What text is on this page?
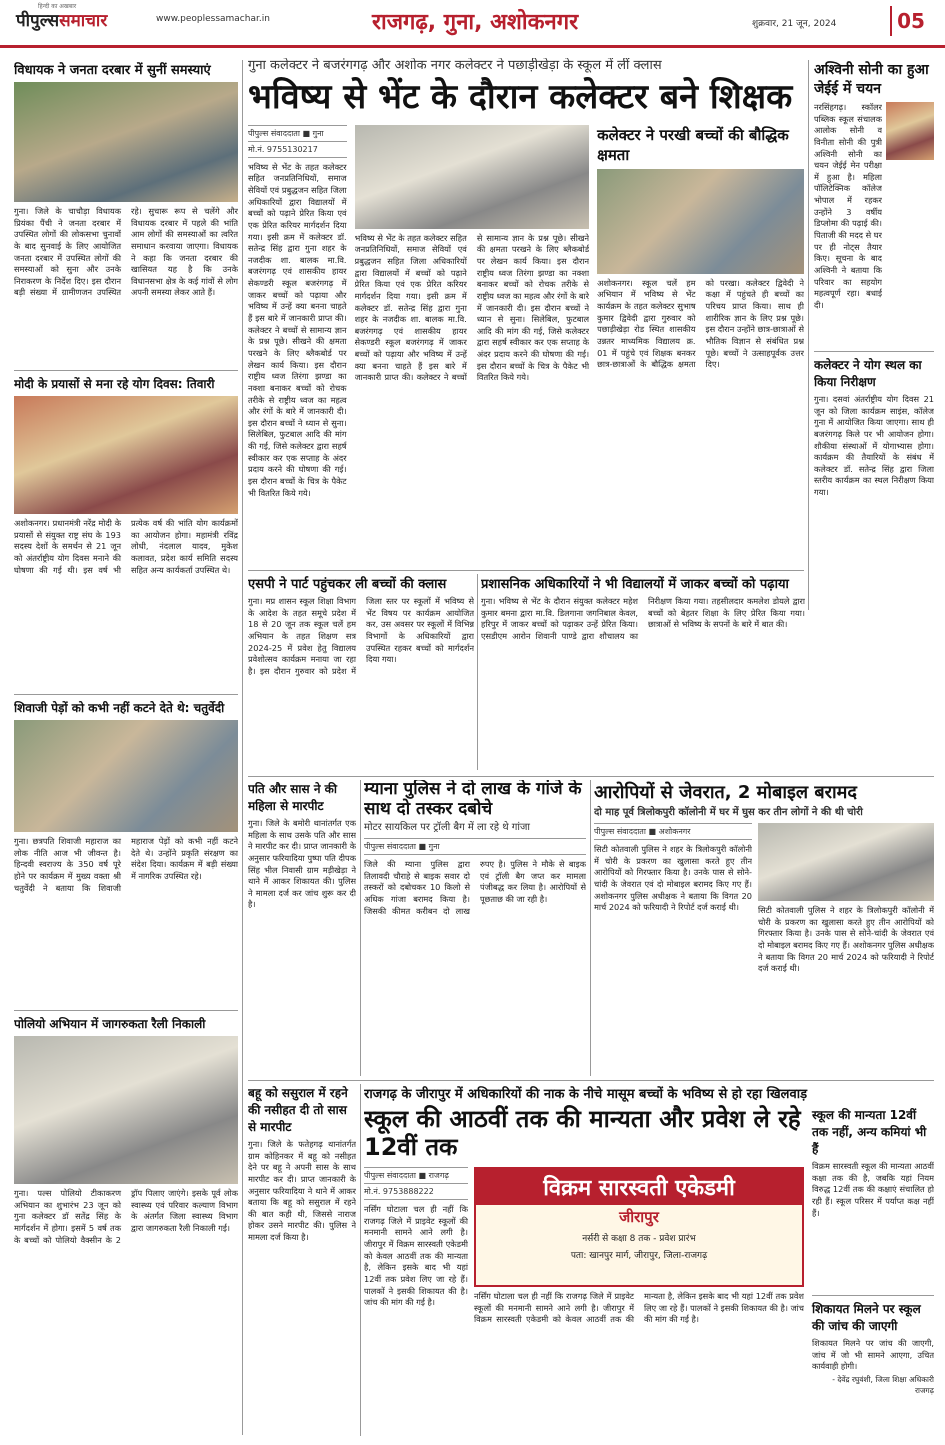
हिन्दी का अखबार
पीपुल्ससमाचार	www.peoplessamachar.in	राजगढ़, गुना, अशोकनगर	शुक्रवार, 21 जून, 2024	05
विधायक ने जनता दरबार में सुनीं समस्याएं
गुना। जिले के चाचौड़ा विधायक प्रियंका पैंची ने जनता दरबार में उपस्थित लोगों की लोकसभा चुनावों के बाद सुनवाई के लिए आयोजित जनता दरबार में उपस्थित लोगों की समस्याओं को सुना और उनके निराकरण के निर्देश दिए। इस दौरान बड़ी संख्या में ग्रामीणजन उपस्थित रहे। सुचारू रूप से चलेंगे और विधायक दरबार में पहले की भांति आम लोगों की समस्याओं का त्वरित समाधान करवाया जाएगा। विधायक ने कहा कि जनता दरबार की खासियत यह है कि उनके विधानसभा क्षेत्र के कई गांवों से लोग अपनी समस्या लेकर आते हैं।
मोदी के प्रयासों से मना रहे योग दिवस: तिवारी
अशोकनगर। प्रधानमंत्री नरेंद्र मोदी के प्रयासों से संयुक्त राष्ट्र संघ के 193 सदस्य देशों के समर्थन से 21 जून को अंतर्राष्ट्रीय योग दिवस मनाने की घोषणा की गई थी। इस वर्ष भी प्रत्येक वर्ष की भांति योग कार्यक्रमों का आयोजन होगा। महामंत्री रविंद्र लोधी, नंदलाल यादव, मुकेश कलावत, प्रदेश कार्य समिति सदस्य सहित अन्य कार्यकर्ता उपस्थित थे।
शिवाजी पेड़ों को कभी नहीं कटने देते थे: चतुर्वेदी
गुना। छत्रपति शिवाजी महाराज का लोक नीति आज भी जीवन्त है। हिन्दवी स्वराज्य के 350 वर्ष पूरे होने पर कार्यक्रम में मुख्य वक्ता श्री चतुर्वेदी ने बताया कि शिवाजी महाराज पेड़ों को कभी नहीं कटने देते थे। उन्होंने प्रकृति संरक्षण का संदेश दिया। कार्यक्रम में बड़ी संख्या में नागरिक उपस्थित रहे।
पोलियो अभियान में जागरुकता रैली निकाली
गुना। पल्स पोलियो टीकाकरण अभियान का शुभारंभ 23 जून को गुना कलेक्टर डॉ सतेंद्र सिंह के मार्गदर्शन में होगा। इसमें 5 वर्ष तक के बच्चों को पोलियो वैक्सीन के 2 ड्रॉप पिलाए जाएंगे। इसके पूर्व लोक स्वास्थ्य एवं परिवार कल्याण विभाग के अंतर्गत जिला स्वास्थ्य विभाग द्वारा जागरुकता रैली निकाली गई।
गुना कलेक्टर ने बजरंगगढ़ और अशोक नगर कलेक्टर ने पछाड़ीखेड़ा के स्कूल में लीं क्लास
भविष्य से भेंट के दौरान कलेक्टर बने शिक्षक
पीपुल्स संवाददाता ■ गुना
मो.नं. 9755130217
भविष्य से भेंट के तहत कलेक्टर सहित जनप्रतिनिधियों, समाज सेवियों एवं प्रबुद्धजन सहित जिला अधिकारियों द्वारा विद्यालयों में बच्चों को पढ़ाने प्रेरित किया एवं एक प्रेरित करियर मार्गदर्शन दिया गया। इसी क्रम में कलेक्टर डॉ. सतेन्द्र सिंह द्वारा गुना शहर के नजदीक शा. बालक मा.वि. बजरंगगढ़ एवं शासकीय हायर सेकण्डरी स्कूल बजरंगगढ़ में जाकर बच्चों को पढ़ाया और भविष्य में उन्हें क्या बनना चाहते हैं इस बारे में जानकारी प्राप्त की। कलेक्टर ने बच्चों से सामान्य ज्ञान के प्रश्न पूछे। सीखने की क्षमता परखने के लिए ब्लैकबोर्ड पर लेखन कार्य किया। इस दौरान राष्ट्रीय ध्वज तिरंगा झण्डा का नक्शा बनाकर बच्चों को रोचक तरीके से राष्ट्रीय ध्वज का महत्व और रंगों के बारे में जानकारी दी। इस दौरान बच्चों ने ध्यान से सुना। सिलेबिल, फुटबाल आदि की मांग की गई, जिसे कलेक्टर द्वारा सहर्ष स्वीकार कर एक सप्ताह के अंदर प्रदाय करने की घोषणा की गई। इस दौरान बच्चों के चित्र के पैकेट भी वितरित किये गये।
भविष्य से भेंट के तहत कलेक्टर सहित जनप्रतिनिधियों, समाज सेवियों एवं प्रबुद्धजन सहित जिला अधिकारियों द्वारा विद्यालयों में बच्चों को पढ़ाने प्रेरित किया एवं एक प्रेरित करियर मार्गदर्शन दिया गया। इसी क्रम में कलेक्टर डॉ. सतेन्द्र सिंह द्वारा गुना शहर के नजदीक शा. बालक मा.वि. बजरंगगढ़ एवं शासकीय हायर सेकण्डरी स्कूल बजरंगगढ़ में जाकर बच्चों को पढ़ाया और भविष्य में उन्हें क्या बनना चाहते हैं इस बारे में जानकारी प्राप्त की। कलेक्टर ने बच्चों से सामान्य ज्ञान के प्रश्न पूछे। सीखने की क्षमता परखने के लिए ब्लैकबोर्ड पर लेखन कार्य किया। इस दौरान राष्ट्रीय ध्वज तिरंगा झण्डा का नक्शा बनाकर बच्चों को रोचक तरीके से राष्ट्रीय ध्वज का महत्व और रंगों के बारे में जानकारी दी। इस दौरान बच्चों ने ध्यान से सुना। सिलेबिल, फुटबाल आदि की मांग की गई, जिसे कलेक्टर द्वारा सहर्ष स्वीकार कर एक सप्ताह के अंदर प्रदाय करने की घोषणा की गई। इस दौरान बच्चों के चित्र के पैकेट भी वितरित किये गये।
कलेक्टर ने परखी बच्चों की बौद्धिक क्षमता
अशोकनगर। स्कूल चलें हम अभियान में भविष्य से भेंट कार्यक्रम के तहत कलेक्टर सुभाष कुमार द्विवेदी द्वारा गुरुवार को पछाड़ीखेड़ा रोड स्थित शासकीय उन्नतर माध्यमिक विद्यालय क्र. 01 में पहुंचे एवं शिक्षक बनकर छात्र-छात्राओं के बौद्धिक क्षमता को परखा। कलेक्टर द्विवेदी ने कक्षा में पहुंचते ही बच्चों का परिचय प्राप्त किया। साथ ही शारीरिक ज्ञान के लिए प्रश्न पूछे। इस दौरान उन्होंने छात्र-छात्राओं से भौतिक विज्ञान से संबंधित प्रश्न पूछे। बच्चों ने उत्साहपूर्वक उत्तर दिए।
अश्विनी सोनी का हुआ जेईई में चयन
नरसिंहगढ़। स्कॉलर पब्लिक स्कूल संचालक आलोक सोनी व विनीता सोनी की पुत्री अश्विनी सोनी का चयन जेईई मेन परीक्षा में हुआ है। महिला पॉलिटेक्निक कॉलेज भोपाल में रहकर उन्होंने 3 वर्षीय डिप्लोमा की पढ़ाई की। पिताजी की मदद से घर पर ही नोट्स तैयार किए। सूचना के बाद अश्विनी ने बताया कि परिवार का सहयोग महत्वपूर्ण रहा। बधाई दी।
कलेक्टर ने योग स्थल का किया निरीक्षण
गुना। दसवां अंतर्राष्ट्रीय योग दिवस 21 जून को जिला कार्यक्रम साइंस, कॉलेज गुना में आयोजित किया जाएगा। साथ ही बजरंगगढ़ किले पर भी आयोजन होगा। शौकीया संस्थाओं में योगाभ्यास होगा। कार्यक्रम की तैयारियों के संबंध में कलेक्टर डॉ. सतेन्द्र सिंह द्वारा जिला स्तरीय कार्यक्रम का स्थल निरीक्षण किया गया।
एसपी ने पार्ट पहुंचकर ली बच्चों की क्लास
गुना। मप्र शासन स्कूल शिक्षा विभाग के आदेश के तहत समूचे प्रदेश में 18 से 20 जून तक स्कूल चलें हम अभियान के तहत शिक्षण सत्र 2024-25 में प्रवेश हेतु विद्यालय प्रवेशोत्सव कार्यक्रम मनाया जा रहा है। इस दौरान गुरुवार को प्रदेश में जिला स्तर पर स्कूलों में भविष्य से भेंट विषय पर कार्यक्रम आयोजित कर, उस अवसर पर स्कूलों में विभिन्न विभागों के अधिकारियों द्वारा उपस्थित रहकर बच्चों को मार्गदर्शन दिया गया।
प्रशासनिक अधिकारियों ने भी विद्यालयों में जाकर बच्चों को पढ़ाया
गुना। भविष्य से भेंट के दौरान संयुक्त कलेक्टर महेश कुमार बमना द्वारा मा.वि. डिलगाना जगनिबाल केवल, हरिपुर में जाकर बच्चों को पढ़ाकर उन्हें प्रेरित किया। एसडीएम आरोन शिवानी पाण्डे द्वारा शौचालय का निरीक्षण किया गया। तहसीलदार कमलेश डोयले द्वारा बच्चों को बेहतर शिक्षा के लिए प्रेरित किया गया। छात्राओं से भविष्य के सपनों के बारे में बात की।
पति और सास ने की महिला से मारपीट
गुना। जिले के बमोरी थानांतर्गत एक महिला के साथ उसके पति और सास ने मारपीट कर दी। प्राप्त जानकारी के अनुसार फरियादिया पुष्पा पति दीपक सिंह भील निवासी ग्राम मड़ीखेड़ा ने थाने में आकर शिकायत की। पुलिस ने मामला दर्ज कर जांच शुरू कर दी है।
म्याना पुलिस ने दो लाख के गांजे के साथ दो तस्कर दबोचे
मोटर सायकिल पर ट्रॉली बैग में ला रहे थे गांजा
पीपुल्स संवाददाता ■ गुना
जिले की म्याना पुलिस द्वारा तिलावदी चौराहे से बाइक सवार दो तस्करों को दबोचकर 10 किलो से अधिक गांजा बरामद किया है। जिसकी कीमत करीबन दो लाख रुपए है। पुलिस ने मौके से बाइक एवं ट्रॉली बैग जप्त कर मामला पंजीबद्ध कर लिया है। आरोपियों से पूछताछ की जा रही है।
आरोपियों से जेवरात, 2 मोबाइल बरामद
दो माह पूर्व त्रिलोकपुरी कॉलोनी में घर में घुस कर तीन लोगों ने की थी चोरी
पीपुल्स संवाददाता ■ अशोकनगर
सिटी कोतवाली पुलिस ने शहर के त्रिलोकपुरी कॉलोनी में चोरी के प्रकरण का खुलासा करते हुए तीन आरोपियों को गिरफ्तार किया है। उनके पास से सोने-चांदी के जेवरात एवं दो मोबाइल बरामद किए गए हैं। अशोकनगर पुलिस अधीक्षक ने बताया कि विगत 20 मार्च 2024 को फरियादी ने रिपोर्ट दर्ज कराई थी।	सिटी कोतवाली पुलिस ने शहर के त्रिलोकपुरी कॉलोनी में चोरी के प्रकरण का खुलासा करते हुए तीन आरोपियों को गिरफ्तार किया है। उनके पास से सोने-चांदी के जेवरात एवं दो मोबाइल बरामद किए गए हैं। अशोकनगर पुलिस अधीक्षक ने बताया कि विगत 20 मार्च 2024 को फरियादी ने रिपोर्ट दर्ज कराई थी।
बहू को ससुराल में रहने की नसीहत दी तो सास से मारपीट
गुना। जिले के फतेहगढ़ थानांतर्गत ग्राम कोहिनकर में बहू को नसीहत देने पर बहू ने अपनी सास के साथ मारपीट कर दी। प्राप्त जानकारी के अनुसार फरियादिया ने थाने में आकर बताया कि बहू को ससुराल में रहने की बात कही थी, जिससे नाराज होकर उसने मारपीट की। पुलिस ने मामला दर्ज किया है।
राजगढ़ के जीरापुर में अधिकारियों की नाक के नीचे मासूम बच्चों के भविष्य से हो रहा खिलवाड़
स्कूल की आठवीं तक की मान्यता और प्रवेश ले रहे 12वीं तक
पीपुल्स संवाददाता ■ राजगढ़
मो.नं. 9753888222
नर्सिंग घोटाला चल ही नहीं कि राजगढ़ जिले में प्राइवेट स्कूलों की मनमानी सामने आने लगी है। जीरापुर में विक्रम सारस्वती एकेडमी को केवल आठवीं तक की मान्यता है, लेकिन इसके बाद भी यहां 12वीं तक प्रवेश लिए जा रहे हैं। पालकों ने इसकी शिकायत की है। जांच की मांग की गई है।
विक्रम सारस्वती एकेडमी
जीरापुर
नर्सरी से कक्षा 8 तक - प्रवेश प्रारंभ
पता: खानपुर मार्ग, जीरापुर, जिला-राजगढ़
नर्सिंग घोटाला चल ही नहीं कि राजगढ़ जिले में प्राइवेट स्कूलों की मनमानी सामने आने लगी है। जीरापुर में विक्रम सारस्वती एकेडमी को केवल आठवीं तक की मान्यता है, लेकिन इसके बाद भी यहां 12वीं तक प्रवेश लिए जा रहे हैं। पालकों ने इसकी शिकायत की है। जांच की मांग की गई है।
स्कूल की मान्यता 12वीं तक नहीं, अन्य कमियां भी हैं
विक्रम सारस्वती स्कूल की मान्यता आठवीं कक्षा तक की है, जबकि यहां नियम विरुद्ध 12वीं तक की कक्षाएं संचालित हो रही हैं। स्कूल परिसर में पर्याप्त कक्ष नहीं हैं।
शिकायत मिलने पर स्कूल की जांच की जाएगी
शिकायत मिलने पर जांच की जाएगी, जांच में जो भी सामने आएगा, उचित कार्यवाही होगी।
- देवेंद्र रघुवंशी, जिला शिक्षा अधिकारी राजगढ़
